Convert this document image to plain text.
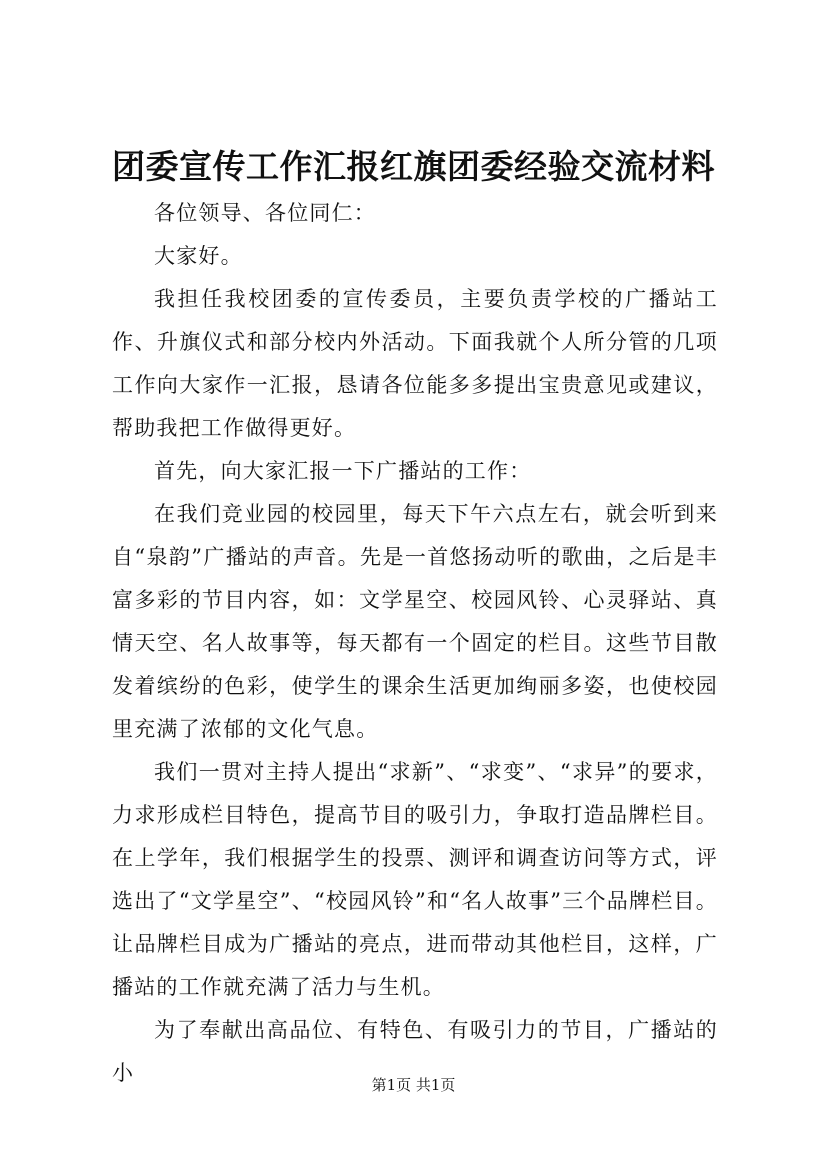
团委宣传工作汇报红旗团委经验交流材料

各位领导、各位同仁：

大家好。

我担任我校团委的宣传委员，主要负责学校的广播站工作、升旗仪式和部分校内外活动。下面我就个人所分管的几项工作向大家作一汇报，恳请各位能多多提出宝贵意见或建议，帮助我把工作做得更好。

首先，向大家汇报一下广播站的工作：

在我们竞业园的校园里，每天下午六点左右，就会听到来自“泉韵”广播站的声音。先是一首悠扬动听的歌曲，之后是丰富多彩的节目内容，如：文学星空、校园风铃、心灵驿站、真情天空、名人故事等，每天都有一个固定的栏目。这些节目散发着缤纷的色彩，使学生的课余生活更加绚丽多姿，也使校园里充满了浓郁的文化气息。

我们一贯对主持人提出“求新”、“求变”、“求异”的要求，力求形成栏目特色，提高节目的吸引力，争取打造品牌栏目。在上学年，我们根据学生的投票、测评和调查访问等方式，评选出了“文学星空”、“校园风铃”和“名人故事”三个品牌栏目。让品牌栏目成为广播站的亮点，进而带动其他栏目，这样，广播站的工作就充满了活力与生机。

为了奉献出高品位、有特色、有吸引力的节目，广播站的小	第1页 共1页
